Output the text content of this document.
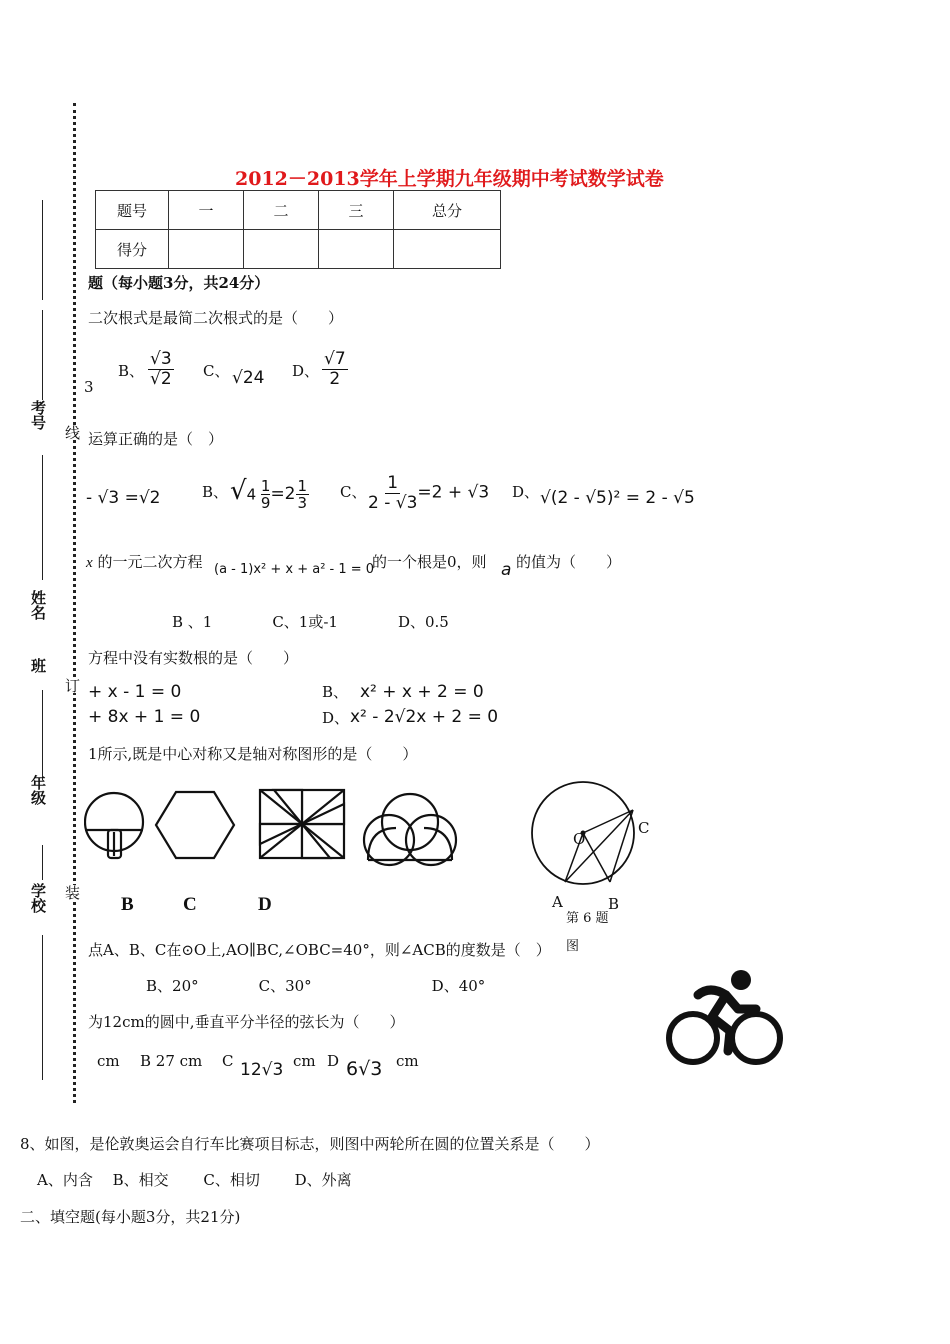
2012－2013学年上学期九年级期中考试数学试卷
题号	一	二	三	总分
得分				
考号
姓名
班
年级
学校
线
订
装
题（每小题3分，共24分）
二次根式是最简二次根式的是（　　）
3
B、 $\frac{√3}{√2}$ C、 √24 D、 $\frac{√7}{2}$
运算正确的是（　）
- √3 =√2	B、 √ $4 \frac{1}{9} =2 \frac{1}{3}$ C、 $\frac{1}{2 - √3} =2 + √3$ D、 √(2 - √5)² = 2 - √5
x 的一元二次方程 (a - 1)x² + x + a² - 1 = 0
的一个根是0，则 a 的值为（　　）
B 、1　　　　C、1或-1　　　　D、0.5
方程中没有实数根的是（　　）
+ x - 1 = 0	B、 x² + x + 2 = 0
+ 8x + 1 = 0	D、 x² - 2√2x + 2 = 0
1所示,既是中心对称又是轴对称图形的是（　　）
B	C	D
O
A	B
C
第 6 题
图
点A、B、C在⊙O上,AO∥BC,∠OBC=40°，则∠ACB的度数是（　）
B、20°　　　　C、30°　　　　　　　　D、40°
为12cm的圆中,垂直平分半径的弦长为（　　）
cm B 27 cm C 12√3 cm D 6√3 cm
8、如图，是伦敦奥运会自行车比赛项目标志，则图中两轮所在圆的位置关系是（　　）
A、内含　 B、相交　　 C、相切　　 D、外离
二、填空题(每小题3分，共21分)
